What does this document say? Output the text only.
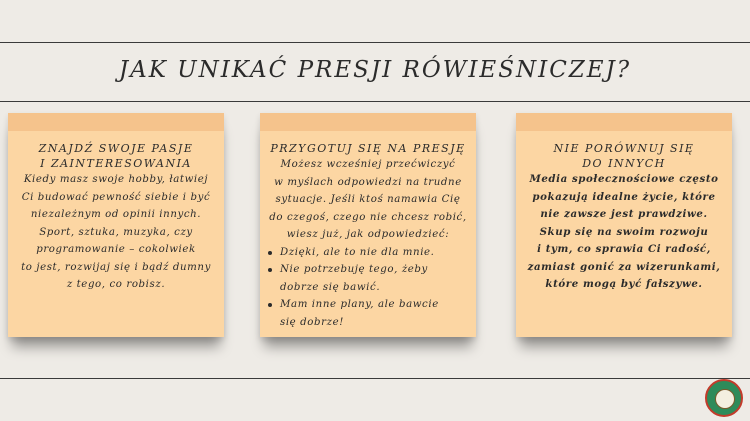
JAK UNIKAĆ PRESJI RÓWIEŚNICZEJ?
ZNAJDŹ SWOJE PASJE
I ZAINTERESOWANIA
Kiedy masz swoje hobby, łatwiej
Ci budować pewność siebie i być
niezależnym od opinii innych.
Sport, sztuka, muzyka, czy
programowanie – cokolwiek
to jest, rozwijaj się i bądź dumny
z tego, co robisz.
PRZYGOTUJ SIĘ NA PRESJĘ
Możesz wcześniej przećwiczyć
w myślach odpowiedzi na trudne
sytuacje. Jeśli ktoś namawia Cię
do czegoś, czego nie chcesz robić,
wiesz już, jak odpowiedzieć:
Dzięki, ale to nie dla mnie.
Nie potrzebuję tego, żeby
dobrze się bawić.
Mam inne plany, ale bawcie
się dobrze!
NIE PORÓWNUJ SIĘ
DO INNYCH
Media społecznościowe często
pokazują idealne życie, które
nie zawsze jest prawdziwe.
Skup się na swoim rozwoju
i tym, co sprawia Ci radość,
zamiast gonić za wizerunkami,
które mogą być fałszywe.
